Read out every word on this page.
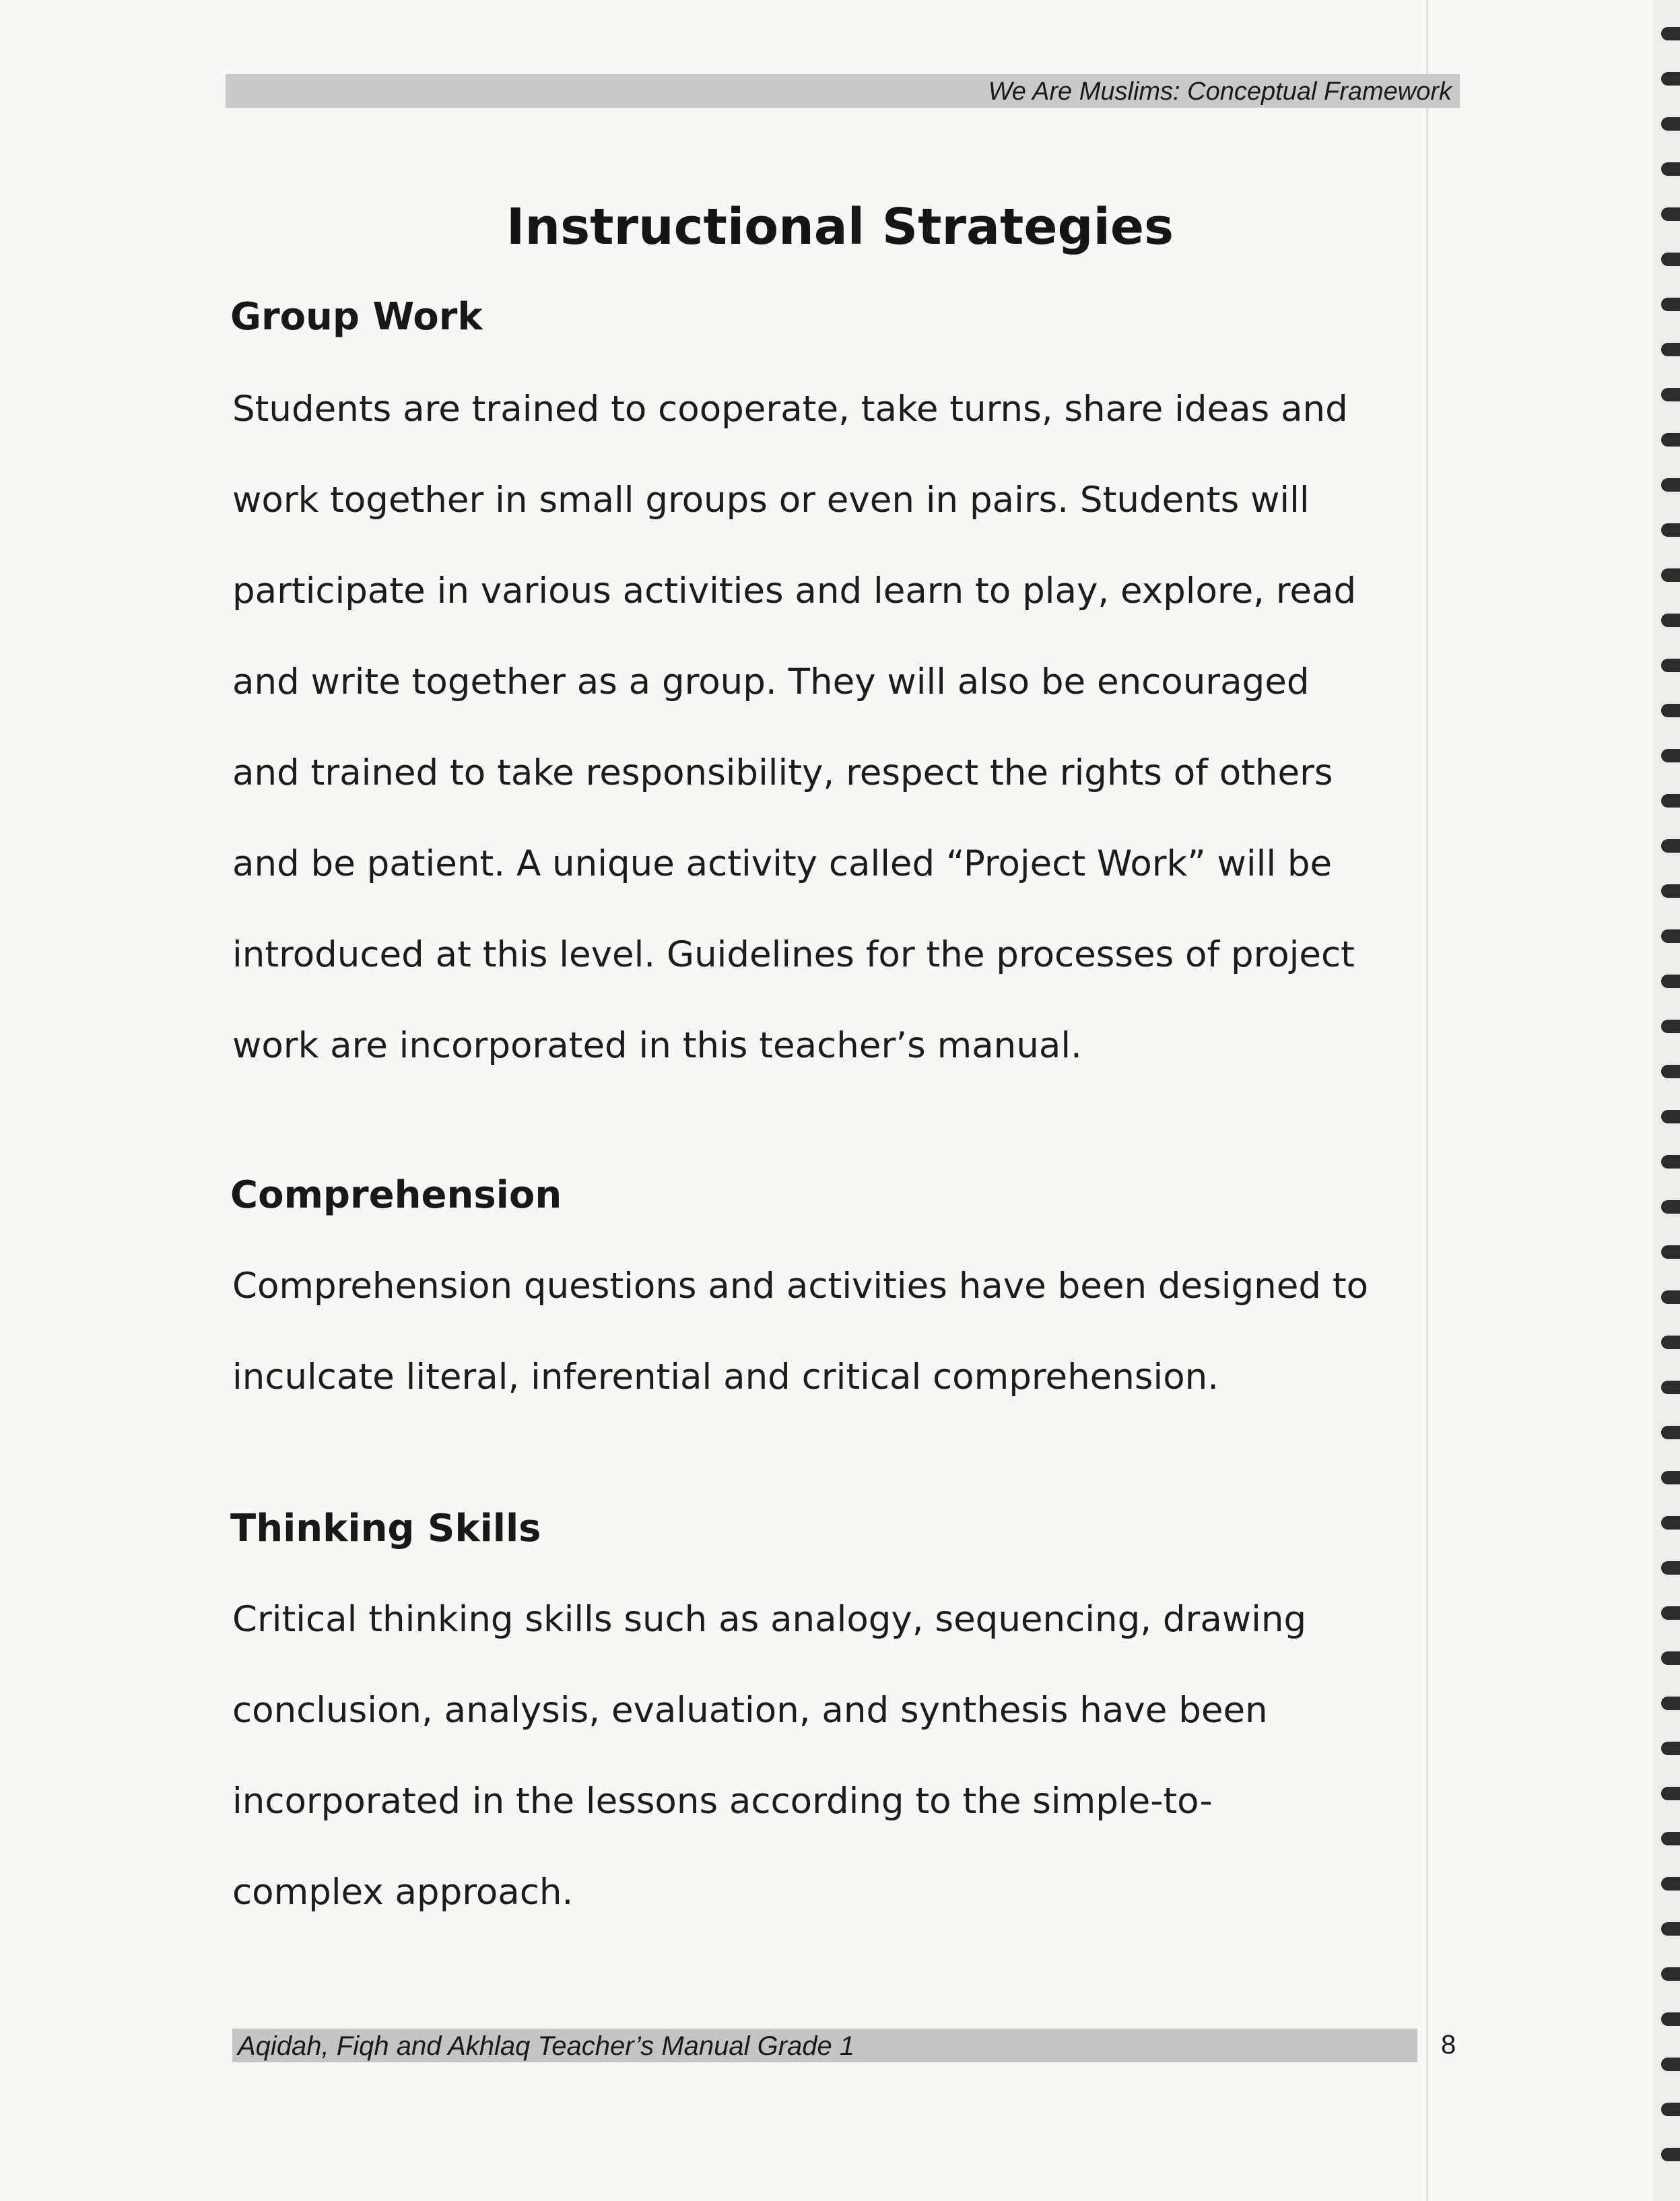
We Are Muslims: Conceptual Framework
Instructional Strategies
Group Work
Students are trained to cooperate, take turns, share ideas and
work together in small groups or even in pairs. Students will
participate in various activities and learn to play, explore, read
and write together as a group. They will also be encouraged
and trained to take responsibility, respect the rights of others
and be patient. A unique activity called “Project Work” will be
introduced at this level. Guidelines for the processes of project
work are incorporated in this teacher’s manual.
Comprehension
Comprehension questions and activities have been designed to
inculcate literal, inferential and critical comprehension.
Thinking Skills
Critical thinking skills such as analogy, sequencing, drawing
conclusion, analysis, evaluation, and synthesis have been
incorporated in the lessons according to the simple-to-
complex approach.
Aqidah, Fiqh and Akhlaq Teacher’s Manual Grade 1	8
